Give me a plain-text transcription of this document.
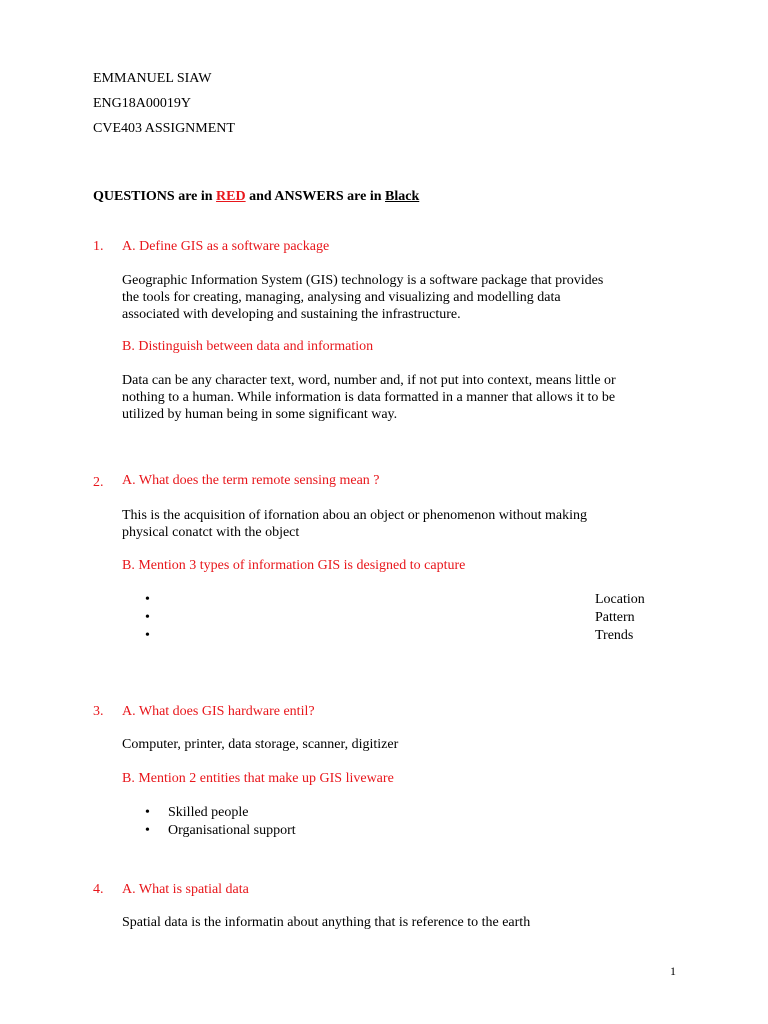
EMMANUEL SIAW
ENG18A00019Y
CVE403 ASSIGNMENT
QUESTIONS are in RED and ANSWERS are in Black
1. A. Define GIS as a software package
Geographic Information System (GIS) technology is a software package that provides
the tools for creating, managing, analysing and visualizing and modelling data
associated with developing and sustaining the infrastructure.
B. Distinguish between data and information
Data can be any character text, word, number and, if not put into context, means little or
nothing to a human. While information is data formatted in a manner that allows it to be
utilized by human being in some significant way.
2. A. What does the term remote sensing mean ?
This is the acquisition of ifornation abou an object or phenomenon without making
physical conatct with the object
B. Mention 3 types of information GIS is designed to capture
•	Location
•	Pattern
•	Trends
3. A. What does GIS hardware entil?
Computer, printer, data storage, scanner, digitizer
B. Mention 2 entities that make up GIS liveware
• Skilled people
• Organisational support
4. A. What is spatial data
Spatial data is the informatin about anything that is reference to the earth
1
